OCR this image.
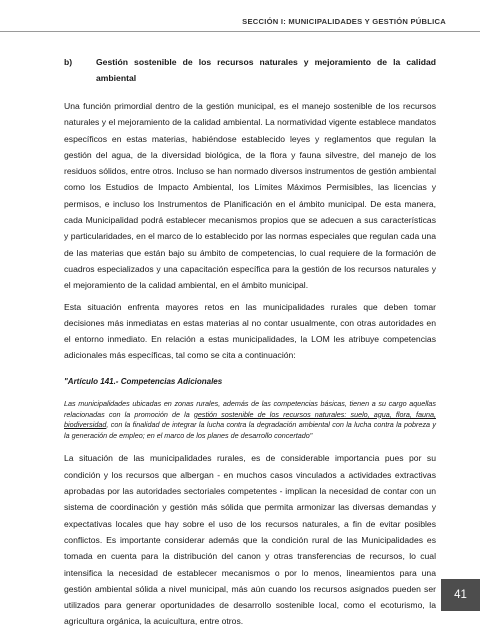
SECCIÓN I: MUNICIPALIDADES Y GESTIÓN PÚBLICA
b)	Gestión sostenible de los recursos naturales y mejoramiento de la calidad ambiental

Una función primordial dentro de la gestión municipal, es el manejo sostenible de los recursos naturales y el mejoramiento de la calidad ambiental. La normatividad vigente establece mandatos específicos en estas materias, habiéndose establecido leyes y reglamentos que regulan la gestión del agua, de la diversidad biológica, de la flora y fauna silvestre, del manejo de los residuos sólidos, entre otros. Incluso se han normado diversos instrumentos de gestión ambiental como los Estudios de Impacto Ambiental, los Límites Máximos Permisibles, las licencias y permisos, e incluso los Instrumentos de Planificación en el ámbito municipal. De esta manera, cada Municipalidad podrá establecer mecanismos propios que se adecuen a sus características y particularidades, en el marco de lo establecido por las normas especiales que regulan cada una de las materias que están bajo su ámbito de competencias, lo cual requiere de la formación de cuadros especializados y una capacitación específica para la gestión de los recursos naturales y el mejoramiento de la calidad ambiental, en el ámbito municipal.

Esta situación enfrenta mayores retos en las municipalidades rurales que deben tomar decisiones más inmediatas en estas materias al no contar usualmente, con otras autoridades en el entorno inmediato. En relación a estas municipalidades, la LOM les atribuye competencias adicionales más específicas, tal como se cita a continuación:

"Artículo 141.- Competencias Adicionales

Las municipalidades ubicadas en zonas rurales, además de las competencias básicas, tienen a su cargo aquellas relacionadas con la promoción de la gestión sostenible de los recursos naturales: suelo, agua, flora, fauna, biodiversidad, con la finalidad de integrar la lucha contra la degradación ambiental con la lucha contra la pobreza y la generación de empleo; en el marco de los planes de desarrollo concertado"

La situación de las municipalidades rurales, es de considerable importancia pues por su condición y los recursos que albergan - en muchos casos vinculados a actividades extractivas aprobadas por las autoridades sectoriales competentes - implican la necesidad de contar con un sistema de coordinación y gestión más sólida que permita armonizar las diversas demandas y expectativas locales que hay sobre el uso de los recursos naturales, a fin de evitar posibles conflictos. Es importante considerar además que la condición rural de las Municipalidades es tomada en cuenta para la distribución del canon y otras transferencias de recursos, lo cual intensifica la necesidad de establecer mecanismos o por lo menos, lineamientos para una gestión ambiental sólida a nivel municipal, más aún cuando los recursos asignados pueden ser utilizados para generar oportunidades de desarrollo sostenible local, como el ecoturismo, la agricultura orgánica, la acuicultura, entre otros.

41
